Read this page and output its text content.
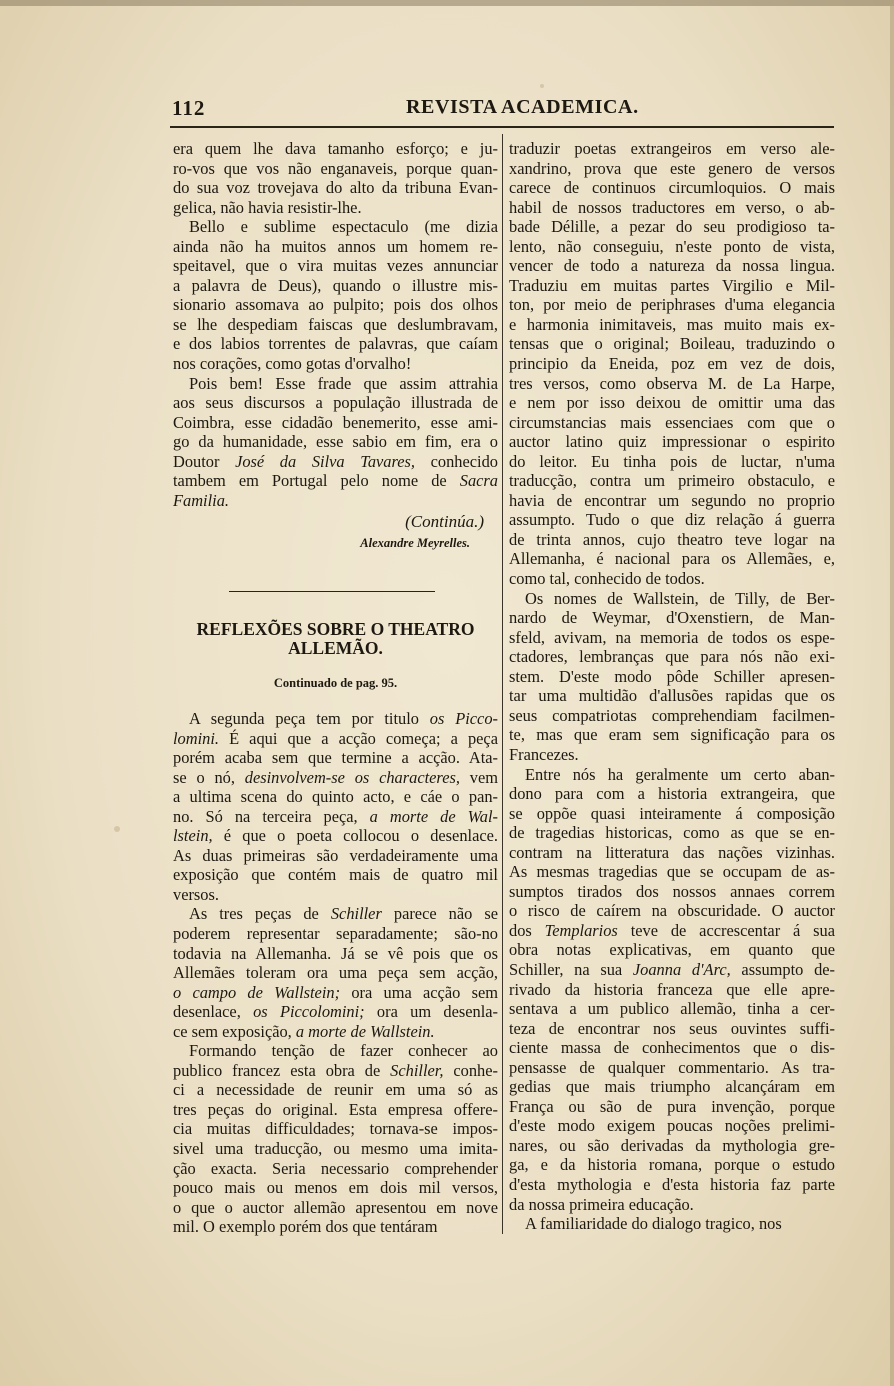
112	REVISTA ACADEMICA.
era quem lhe dava tamanho esforço; e ju-
ro-vos que vos não enganaveis, porque quan-
do sua voz trovejava do alto da tribuna Evan-
gelica, não havia resistir-lhe.
Bello e sublime espectaculo (me dizia
ainda não ha muitos annos um homem re-
speitavel, que o vira muitas vezes annunciar
a palavra de Deus), quando o illustre mis-
sionario assomava ao pulpito; pois dos olhos
se lhe despediam faiscas que deslumbravam,
e dos labios torrentes de palavras, que caíam
nos corações, como gotas d'orvalho!
Pois bem! Esse frade que assim attrahia
aos seus discursos a população illustrada de
Coimbra, esse cidadão benemerito, esse ami-
go da humanidade, esse sabio em fim, era o
Doutor José da Silva Tavares, conhecido
tambem em Portugal pelo nome de Sacra
Familia.
(Continúa.)
Alexandre Meyrelles.
REFLEXÕES SOBRE O THEATRO
ALLEMÃO.
Continuado de pag. 95.
A segunda peça tem por titulo os Picco-
lomini. É aqui que a acção começa; a peça
porém acaba sem que termine a acção. Ata-
se o nó, desinvolvem-se os characteres, vem
a ultima scena do quinto acto, e cáe o pan-
no. Só na terceira peça, a morte de Wal-
lstein, é que o poeta collocou o desenlace.
As duas primeiras são verdadeiramente uma
exposição que contém mais de quatro mil
versos.
As tres peças de Schiller parece não se
poderem representar separadamente; são-no
todavia na Allemanha. Já se vê pois que os
Allemães toleram ora uma peça sem acção,
o campo de Wallstein; ora uma acção sem
desenlace, os Piccolomini; ora um desenla-
ce sem exposição, a morte de Wallstein.
Formando tenção de fazer conhecer ao
publico francez esta obra de Schiller, conhe-
ci a necessidade de reunir em uma só as
tres peças do original. Esta empresa offere-
cia muitas difficuldades; tornava-se impos-
sivel uma traducção, ou mesmo uma imita-
ção exacta. Seria necessario comprehender
pouco mais ou menos em dois mil versos,
o que o auctor allemão apresentou em nove
mil. O exemplo porém dos que tentáram
traduzir poetas extrangeiros em verso ale-
xandrino, prova que este genero de versos
carece de continuos circumloquios. O mais
habil de nossos traductores em verso, o ab-
bade Délille, a pezar do seu prodigioso ta-
lento, não conseguiu, n'este ponto de vista,
vencer de todo a natureza da nossa lingua.
Traduziu em muitas partes Virgilio e Mil-
ton, por meio de periphrases d'uma elegancia
e harmonia inimitaveis, mas muito mais ex-
tensas que o original; Boileau, traduzindo o
principio da Eneida, poz em vez de dois,
tres versos, como observa M. de La Harpe,
e nem por isso deixou de omittir uma das
circumstancias mais essenciaes com que o
auctor latino quiz impressionar o espirito
do leitor. Eu tinha pois de luctar, n'uma
traducção, contra um primeiro obstaculo, e
havia de encontrar um segundo no proprio
assumpto. Tudo o que diz relação á guerra
de trinta annos, cujo theatro teve logar na
Allemanha, é nacional para os Allemães, e,
como tal, conhecido de todos.
Os nomes de Wallstein, de Tilly, de Ber-
nardo de Weymar, d'Oxenstiern, de Man-
sfeld, avivam, na memoria de todos os espe-
ctadores, lembranças que para nós não exi-
stem. D'este modo pôde Schiller apresen-
tar uma multidão d'allusões rapidas que os
seus compatriotas comprehendiam facilmen-
te, mas que eram sem significação para os
Francezes.
Entre nós ha geralmente um certo aban-
dono para com a historia extrangeira, que
se oppõe quasi inteiramente á composição
de tragedias historicas, como as que se en-
contram na litteratura das nações vizinhas.
As mesmas tragedias que se occupam de as-
sumptos tirados dos nossos annaes correm
o risco de caírem na obscuridade. O auctor
dos Templarios teve de accrescentar á sua
obra notas explicativas, em quanto que
Schiller, na sua Joanna d'Arc, assumpto de-
rivado da historia franceza que elle apre-
sentava a um publico allemão, tinha a cer-
teza de encontrar nos seus ouvintes suffi-
ciente massa de conhecimentos que o dis-
pensasse de qualquer commentario. As tra-
gedias que mais triumpho alcançáram em
França ou são de pura invenção, porque
d'este modo exigem poucas noções prelimi-
nares, ou são derivadas da mythologia gre-
ga, e da historia romana, porque o estudo
d'esta mythologia e d'esta historia faz parte
da nossa primeira educação.
A familiaridade do dialogo tragico, nos
